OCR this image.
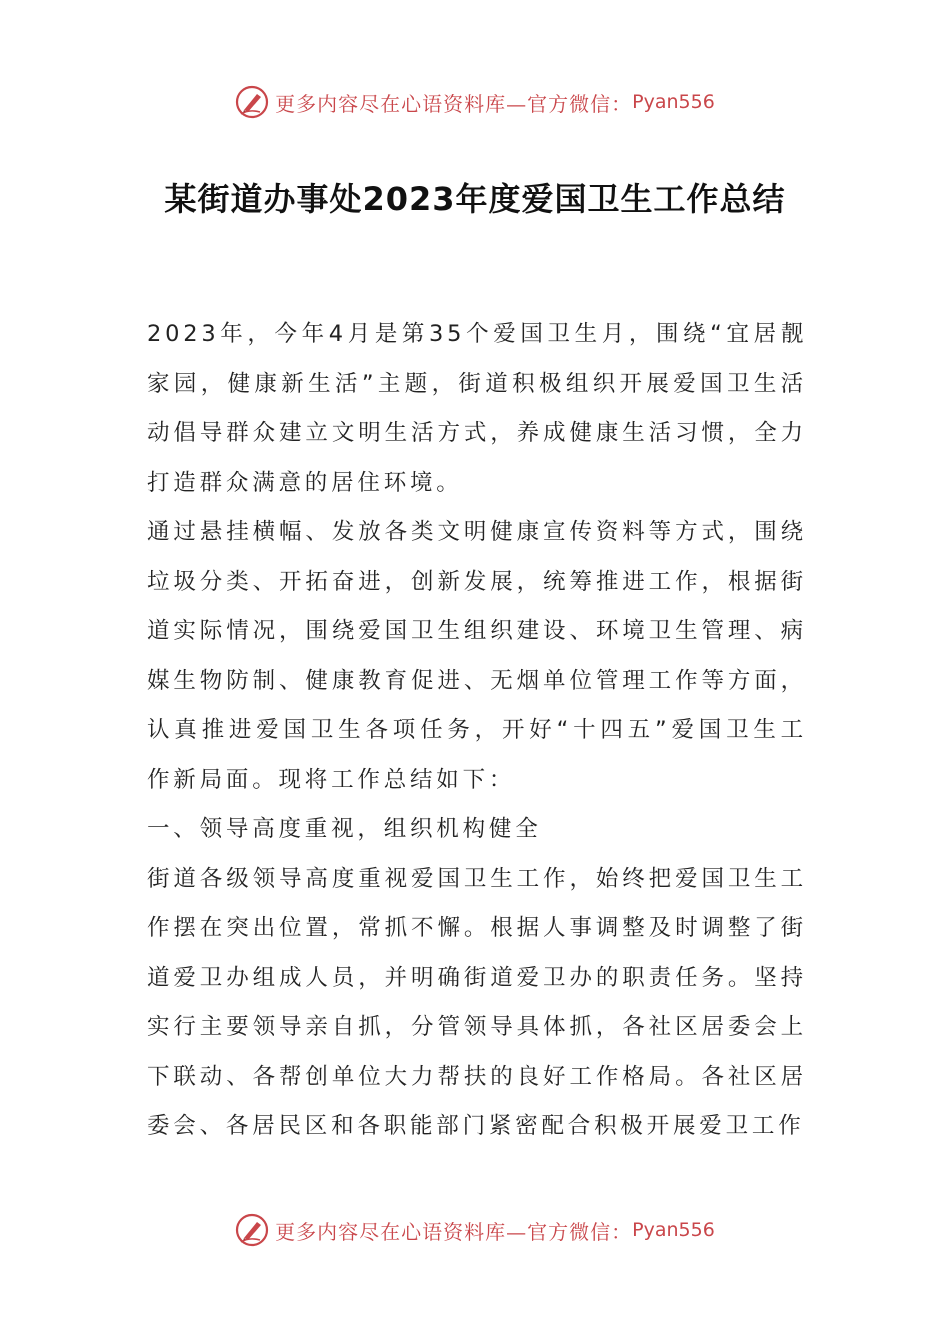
更多内容尽在心语资料库—官方微信： Pyan556
某街道办事处2023年度爱国卫生工作总结

2023年，今年4月是第35个爱国卫生月，围绕“宜居靓家园，健康新生活”主题，街道积极组织开展爱国卫生活动倡导群众建立文明生活方式，养成健康生活习惯，全力打造群众满意的居住环境。

通过悬挂横幅、发放各类文明健康宣传资料等方式，围绕垃圾分类、开拓奋进，创新发展，统筹推进工作，根据街道实际情况，围绕爱国卫生组织建设、环境卫生管理、病媒生物防制、健康教育促进、无烟单位管理工作等方面，认真推进爱国卫生各项任务，开好“十四五”爱国卫生工作新局面。现将工作总结如下：

一、领导高度重视，组织机构健全

街道各级领导高度重视爱国卫生工作，始终把爱国卫生工作摆在突出位置，常抓不懈。根据人事调整及时调整了街道爱卫办组成人员，并明确街道爱卫办的职责任务。坚持实行主要领导亲自抓，分管领导具体抓，各社区居委会上下联动、各帮创单位大力帮扶的良好工作格局。各社区居委会、各居民区和各职能部门紧密配合积极开展爱卫工作

更多内容尽在心语资料库—官方微信： Pyan556
